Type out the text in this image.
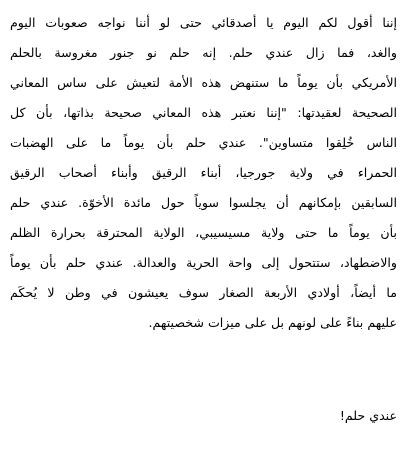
إننا أقول لكم اليوم يا أصدقائي حتى لو أننا نواجه صعوبات اليوم
والغد، فما زال عندي حلم. إنه حلم نو جنور مغروسة بالحلم
الأمريكي بأن يوماً ما ستنهض هذه الأمة لتعيش على ساس المعاني
الصحيحة لعقيدتها: "إننا نعتبر هذه المعاني صحيحة بذاتها، بأن كل
الناس خُلِقوا متساوين". عندي حلم بأن يوماً ما على الهضبات
الحمراء في ولاية جورجيا، أبناء الرقيق وأبناء أصحاب الرقيق
السابقين بإمكانهم أن يجلسوا سوياً حول مائدة الأخوّة. عندي حلم
بأن يوماً ما حتى ولاية مسيسيبي، الولاية المحترقة بحرارة الظلم
والاضطهاد، ستتحول إلى واحة الحرية والعدالة. عندي حلم بأن يوماً
ما أيضاً، أولادي الأربعة الصغار سوف يعيشون في وطن لا يُحكَم
عليهم بناءً على لونهم بل على ميزات شخصيتهم.
عندي حلم!
